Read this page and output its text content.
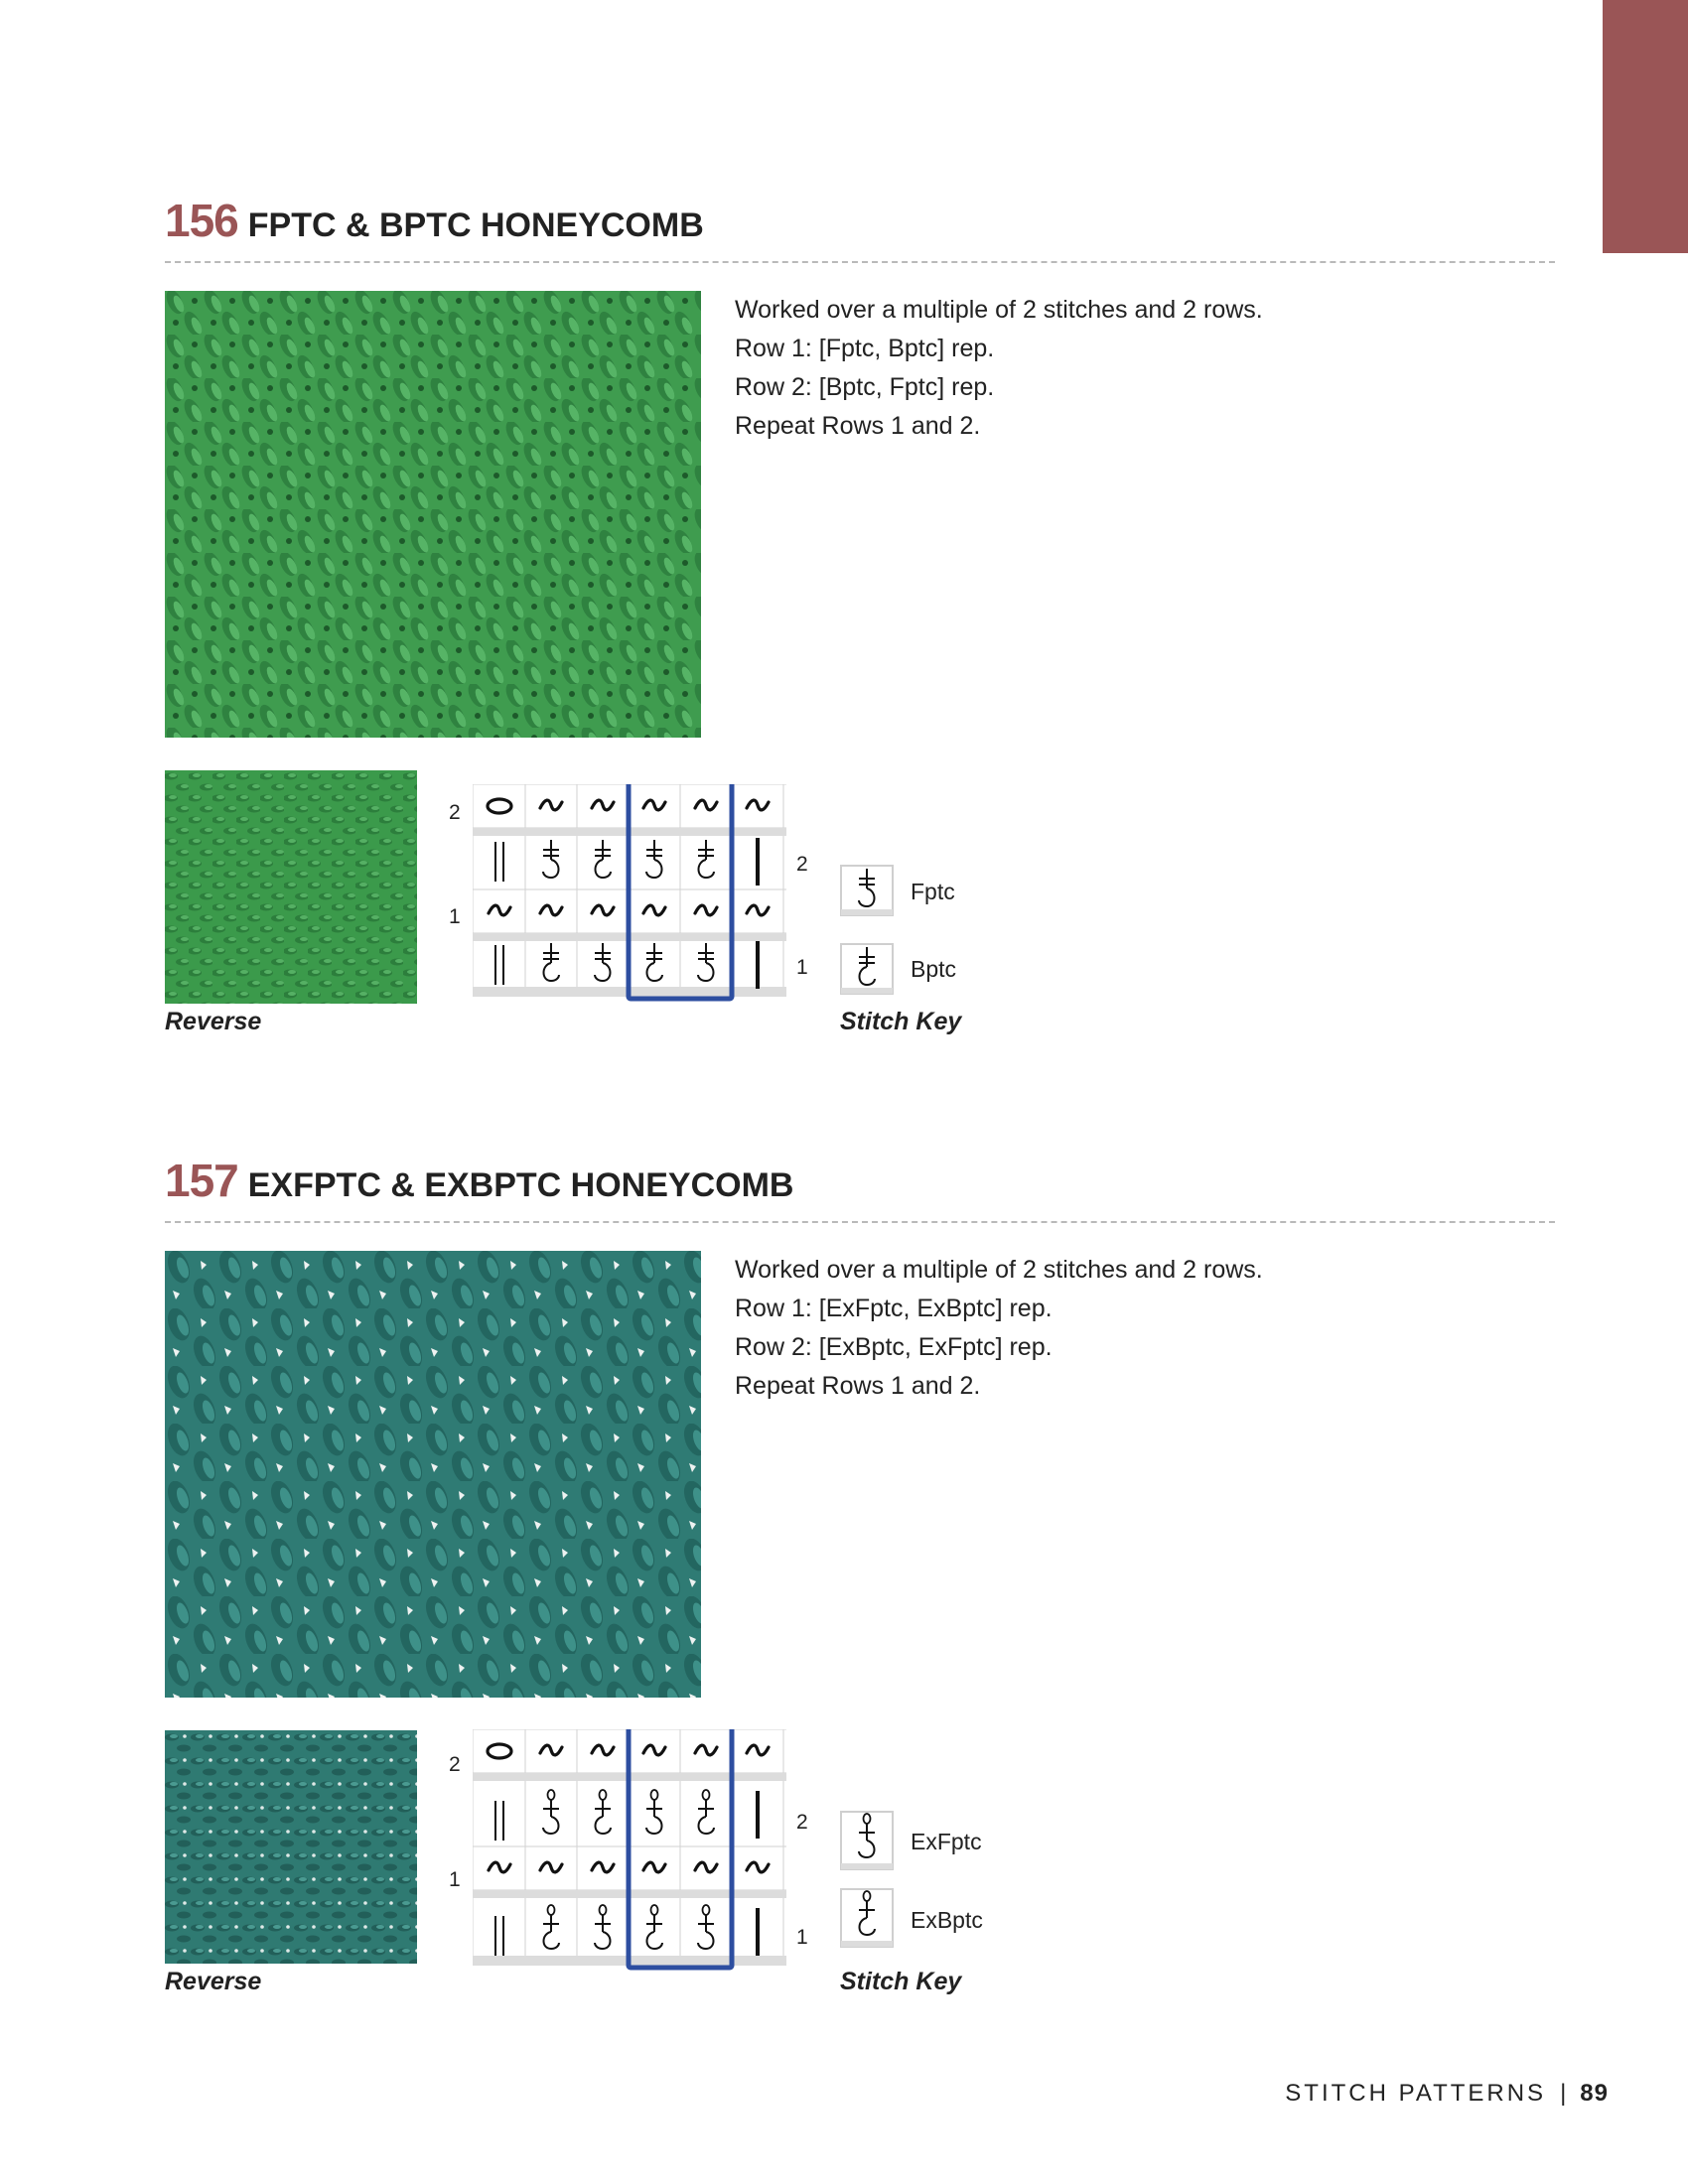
156 FPTC & BPTC HONEYCOMB
Worked over a multiple of 2 stitches and 2 rows.
Row 1: [Fptc, Bptc] rep.
Row 2: [Bptc, Fptc] rep.
Repeat Rows 1 and 2.
Reverse
2
1
2
1
Fptc
Bptc
Stitch Key
157 EXFPTC & EXBPTC HONEYCOMB
Worked over a multiple of 2 stitches and 2 rows.
Row 1: [ExFptc, ExBptc] rep.
Row 2: [ExBptc, ExFptc] rep.
Repeat Rows 1 and 2.
Reverse
2
1
2
1
ExFptc
ExBptc
Stitch Key
STITCH PATTERNS | 89
